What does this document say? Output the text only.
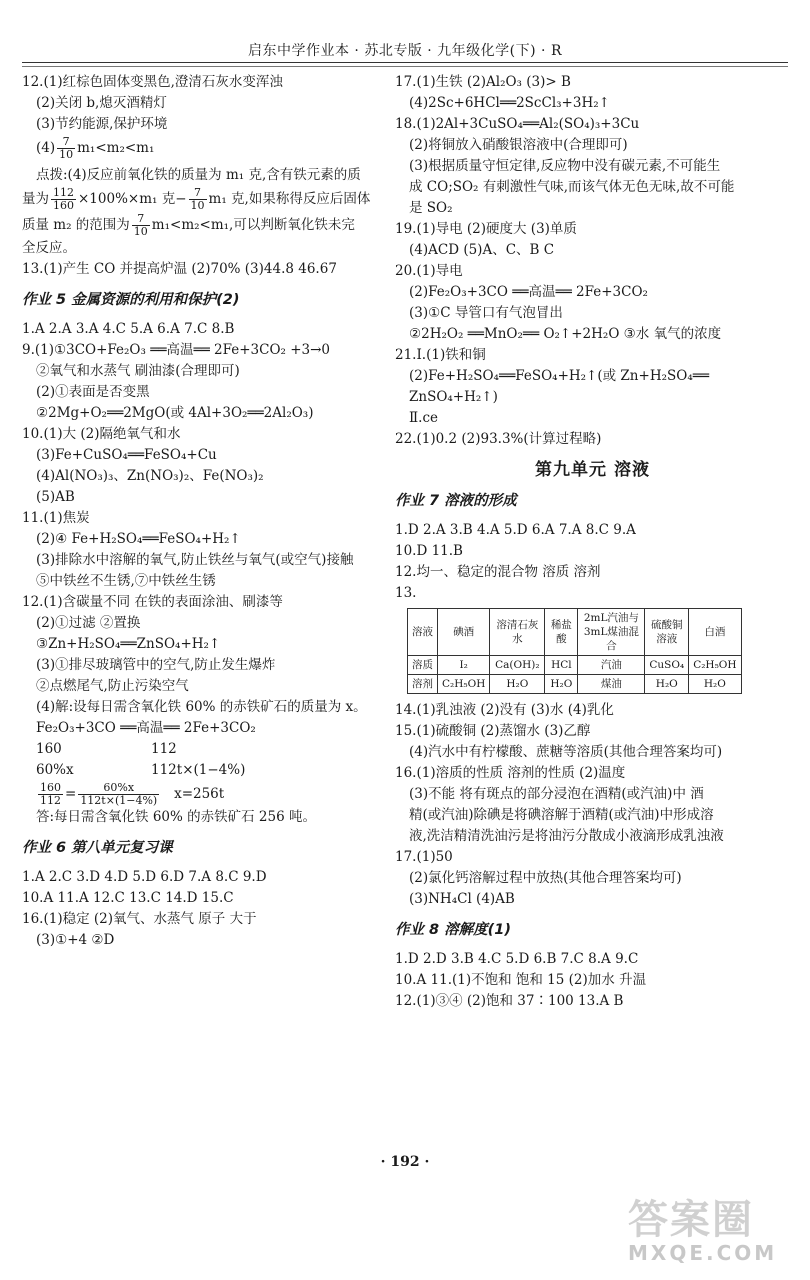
启东中学作业本 · 苏北专版 · 九年级化学(下) · R
12.(1)红棕色固体变黑色,澄清石灰水变浑浊
(2)关闭 b,熄灭酒精灯
(3)节约能源,保护环境
$(4) \frac{7}{10} m_1<m_2<m_1$
点拨:(4)反应前氧化铁的质量为 m₁ 克,含有铁元素的质
量为 $\frac{112}{160} \times 100\%\times m_1$ 克− $\frac{7}{10} m_1$ 克,如果称得反应后固体
质量 m₂ 的范围为 $\frac{7}{10} m_1<m_2<m_1$,可以判断氧化铁未完
全反应。
13.(1)产生 CO 并提高炉温 (2)70% (3)44.8 46.67
作业 5 金属资源的利用和保护(2)
1.A 2.A 3.A 4.C 5.A 6.A 7.C 8.B
9.(1)①3CO+Fe₂O₃ ══高温══ 2Fe+3CO₂ +3→0
②氧气和水蒸气 刷油漆(合理即可)
(2)①表面是否变黑
②2Mg+O₂══2MgO(或 4Al+3O₂══2Al₂O₃)
10.(1)大 (2)隔绝氧气和水
(3)Fe+CuSO₄══FeSO₄+Cu
(4)Al(NO₃)₃、Zn(NO₃)₂、Fe(NO₃)₂
(5)AB
11.(1)焦炭
(2)④ Fe+H₂SO₄══FeSO₄+H₂↑
(3)排除水中溶解的氧气,防止铁丝与氧气(或空气)接触
⑤中铁丝不生锈,⑦中铁丝生锈
12.(1)含碳量不同 在铁的表面涂油、刷漆等
(2)①过滤 ②置换
③Zn+H₂SO₄══ZnSO₄+H₂↑
(3)①排尽玻璃管中的空气,防止发生爆炸
②点燃尾气,防止污染空气
(4)解:设每日需含氧化铁 60% 的赤铁矿石的质量为 x。
Fe₂O₃+3CO ══高温══ 2Fe+3CO₂
160	112
60%x	112t×(1−4%)
$\frac{160}{112} = \frac{60\%x}{112t\times(1-4\%)} x=256t$
答:每日需含氧化铁 60% 的赤铁矿石 256 吨。
作业 6 第八单元复习课
1.A 2.C 3.D 4.D 5.D 6.D 7.A 8.C 9.D
10.A 11.A 12.C 13.C 14.D 15.C
16.(1)稳定 (2)氧气、水蒸气 原子 大于
(3)①+4 ②D
17.(1)生铁 (2)Al₂O₃ (3)> B
(4)2Sc+6HCl══2ScCl₃+3H₂↑
18.(1)2Al+3CuSO₄══Al₂(SO₄)₃+3Cu
(2)将铜放入硝酸银溶液中(合理即可)
(3)根据质量守恒定律,反应物中没有碳元素,不可能生
成 CO;SO₂ 有刺激性气味,而该气体无色无味,故不可能
是 SO₂
19.(1)导电 (2)硬度大 (3)单质
(4)ACD (5)A、C、B C
20.(1)导电
(2)Fe₂O₃+3CO ══高温══ 2Fe+3CO₂
(3)①C 导管口有气泡冒出
②2H₂O₂ ══MnO₂══ O₂↑+2H₂O ③水 氧气的浓度
21.Ⅰ.(1)铁和铜
(2)Fe+H₂SO₄══FeSO₄+H₂↑(或 Zn+H₂SO₄══
ZnSO₄+H₂↑)
Ⅱ.ce
22.(1)0.2 (2)93.3%(计算过程略)
第九单元 溶液
作业 7 溶液的形成
1.D 2.A 3.B 4.A 5.D 6.A 7.A 8.C 9.A
10.D 11.B
12.均一、稳定的混合物 溶质 溶剂
13.
溶液	碘酒	溶清石灰水	稀盐酸	2mL汽油与3mL煤油混合	硫酸铜溶液	白酒
溶质	I₂	Ca(OH)₂	HCl	汽油	CuSO₄	C₂H₅OH
溶剂	C₂H₅OH	H₂O	H₂O	煤油	H₂O	H₂O
14.(1)乳浊液 (2)没有 (3)水 (4)乳化
15.(1)硫酸铜 (2)蒸馏水 (3)乙醇
(4)汽水中有柠檬酸、蔗糖等溶质(其他合理答案均可)
16.(1)溶质的性质 溶剂的性质 (2)温度
(3)不能 将有斑点的部分浸泡在酒精(或汽油)中 酒
精(或汽油)除碘是将碘溶解于酒精(或汽油)中形成溶
液,洗洁精清洗油污是将油污分散成小液滴形成乳浊液
17.(1)50
(2)氯化钙溶解过程中放热(其他合理答案均可)
(3)NH₄Cl (4)AB
作业 8 溶解度(1)
1.D 2.D 3.B 4.C 5.D 6.B 7.C 8.A 9.C
10.A 11.(1)不饱和 饱和 15 (2)加水 升温
12.(1)③④ (2)饱和 37∶100 13.A B
· 192 ·
答案圈
MXQE.COM
